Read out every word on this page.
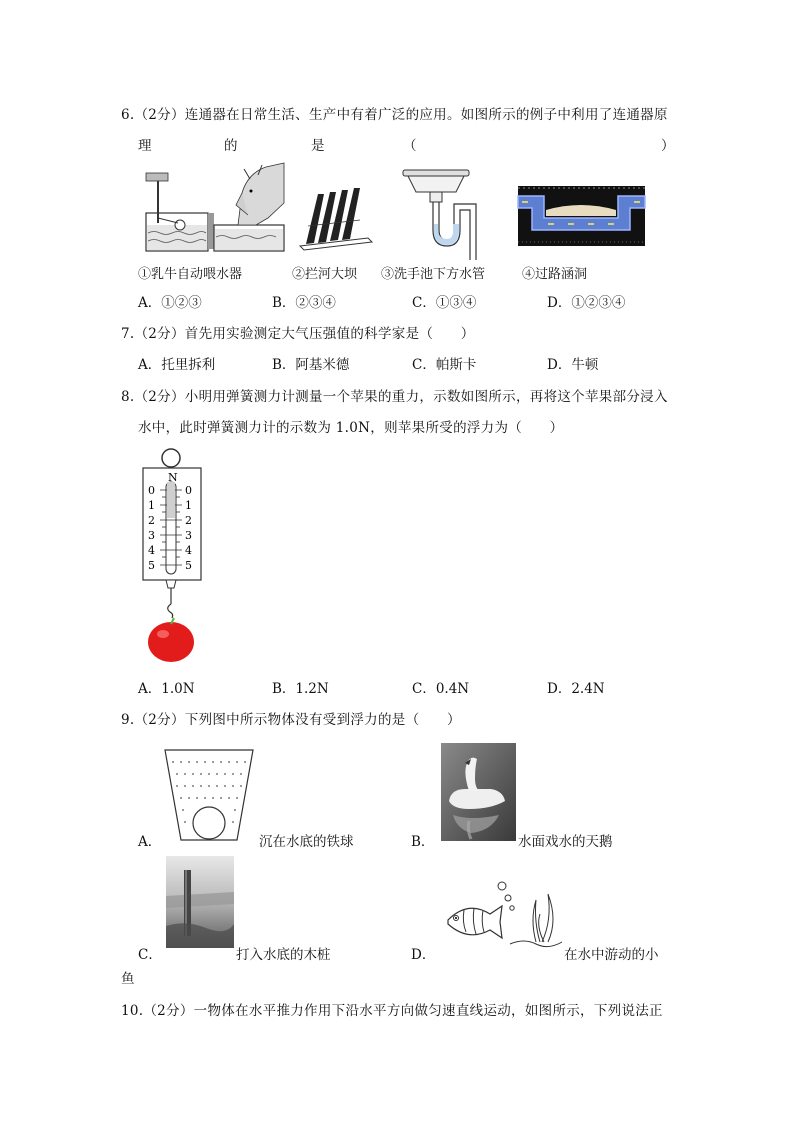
6.（2分）连通器在日常生活、生产中有着广泛的应用。如图所示的例子中利用了连通器原
理	的	是	（	）
①乳牛自动喂水器	②拦河大坝 ③洗手池下方水管	④过路涵洞
A．①②③	B．②③④	C．①③④	D．①②③④
7.（2分）首先用实验测定大气压强值的科学家是（　　）
A．托里拆利	B．阿基米德	C．帕斯卡	D．牛顿
8.（2分）小明用弹簧测力计测量一个苹果的重力，示数如图所示，再将这个苹果部分浸入
水中，此时弹簧测力计的示数为 1.0N，则苹果所受的浮力为（　　）
N
0
1
2
3
4
5
0
1
2
3
4
5
A．1.0N	B．1.2N	C．0.4N	D．2.4N
9.（2分）下列图中所示物体没有受到浮力的是（　　）
A．	沉在水底的铁球	B．	水面戏水的天鹅
C．	打入水底的木桩	D．	在水中游动的小
鱼
10.（2分）一物体在水平推力作用下沿水平方向做匀速直线运动，如图所示，下列说法正
